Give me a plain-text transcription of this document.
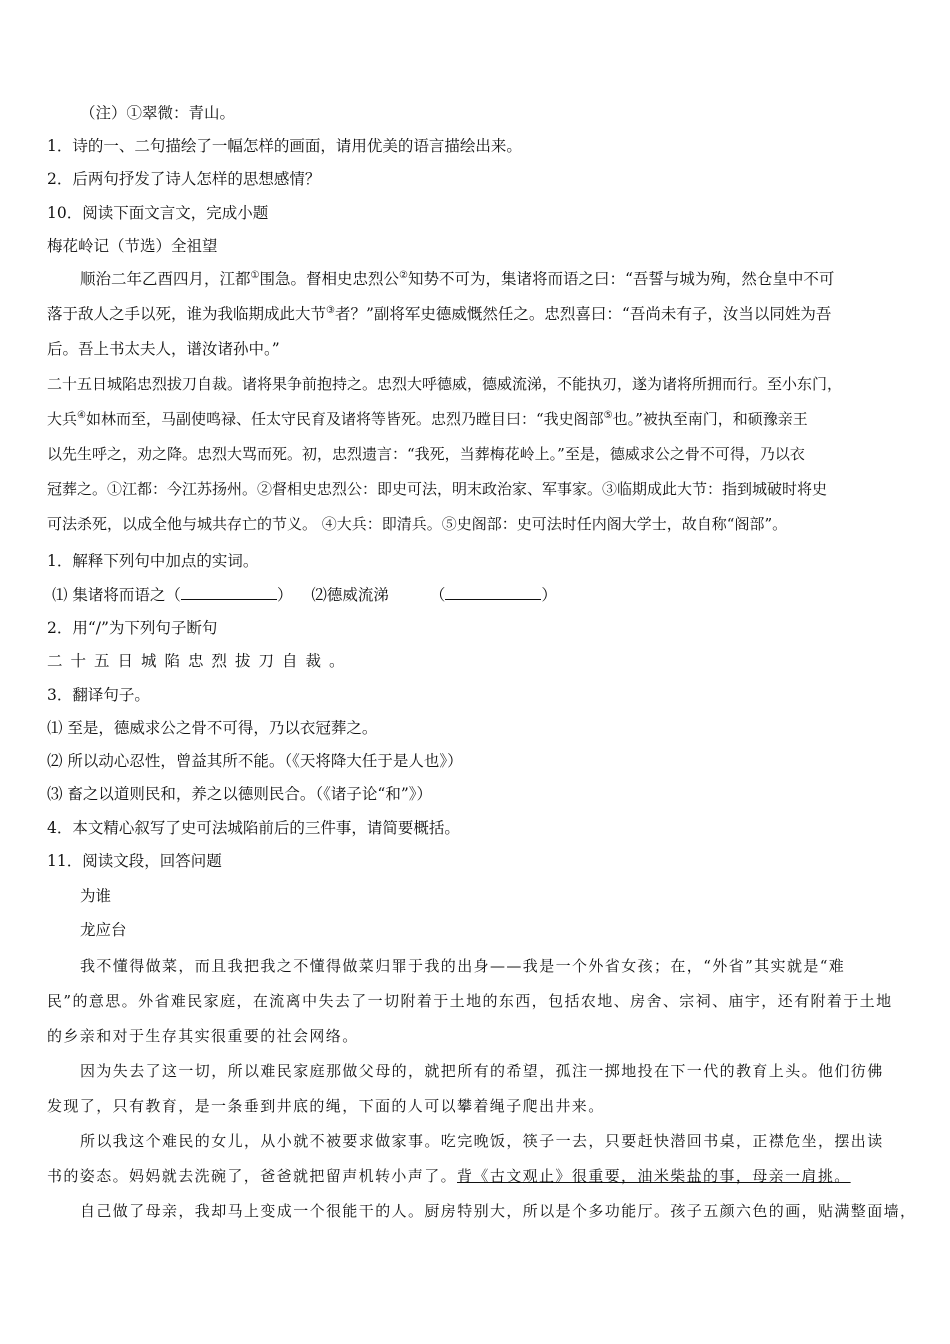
（注）①翠微：青山。
1．诗的一、二句描绘了一幅怎样的画面，请用优美的语言描绘出来。
2．后两句抒发了诗人怎样的思想感情？
10．阅读下面文言文，完成小题
梅花岭记（节选）全祖望
顺治二年乙酉四月，江都①围急。督相史忠烈公②知势不可为，集诸将而语之曰：“吾誓与城为殉，然仓皇中不可
落于敌人之手以死，谁为我临期成此大节③者？”副将军史德威慨然任之。忠烈喜曰：“吾尚未有子，汝当以同姓为吾
后。吾上书太夫人，谱汝诸孙中。”
二十五日城陷忠烈拔刀自裁。诸将果争前抱持之。忠烈大呼德威，德威流涕，不能执刃，遂为诸将所拥而行。至小东门，
大兵④如林而至，马副使鸣禄、任太守民育及诸将等皆死。忠烈乃瞠目曰：“我史阁部⑤也。”被执至南门，和硕豫亲王
以先生呼之，劝之降。忠烈大骂而死。初，忠烈遗言：“我死，当葬梅花岭上。”至是，德威求公之骨不可得，乃以衣
冠葬之。①江都：今江苏扬州。②督相史忠烈公：即史可法，明末政治家、军事家。③临期成此大节：指到城破时将史
可法杀死，以成全他与城共存亡的节义。 ④大兵：即清兵。⑤史阁部：史可法时任内阁大学士，故自称“阁部”。
1．解释下列句中加点的实词。
⑴ 集诸将而语之（	） ⑵德威流涕	（	）
2．用“/”为下列句子断句
二十五日城陷忠烈拔刀自裁。
3．翻译句子。
⑴ 至是，德威求公之骨不可得，乃以衣冠葬之。
⑵ 所以动心忍性，曾益其所不能。（《天将降大任于是人也》）
⑶ 畜之以道则民和，养之以德则民合。（《诸子论“和”》）
4．本文精心叙写了史可法城陷前后的三件事，请简要概括。
11．阅读文段，回答问题
为谁
龙应台
我不懂得做菜，而且我把我之不懂得做菜归罪于我的出身——我是一个外省女孩；在，“外省”其实就是“难
民”的意思。外省难民家庭，在流离中失去了一切附着于土地的东西，包括农地、房舍、宗祠、庙宇，还有附着于土地
的乡亲和对于生存其实很重要的社会网络。
因为失去了这一切，所以难民家庭那做父母的，就把所有的希望，孤注一掷地投在下一代的教育上头。他们彷佛
发现了，只有教育，是一条垂到井底的绳，下面的人可以攀着绳子爬出井来。
所以我这个难民的女儿，从小就不被要求做家事。吃完晚饭，筷子一去，只要赶快潜回书桌，正襟危坐，摆出读
书的姿态。妈妈就去洗碗了，爸爸就把留声机转小声了。背《古文观止》很重要，油米柴盐的事，母亲一肩挑。
自己做了母亲，我却马上变成一个很能干的人。厨房特别大，所以是个多功能厅。孩子五颜六色的画，贴满整面墙，
